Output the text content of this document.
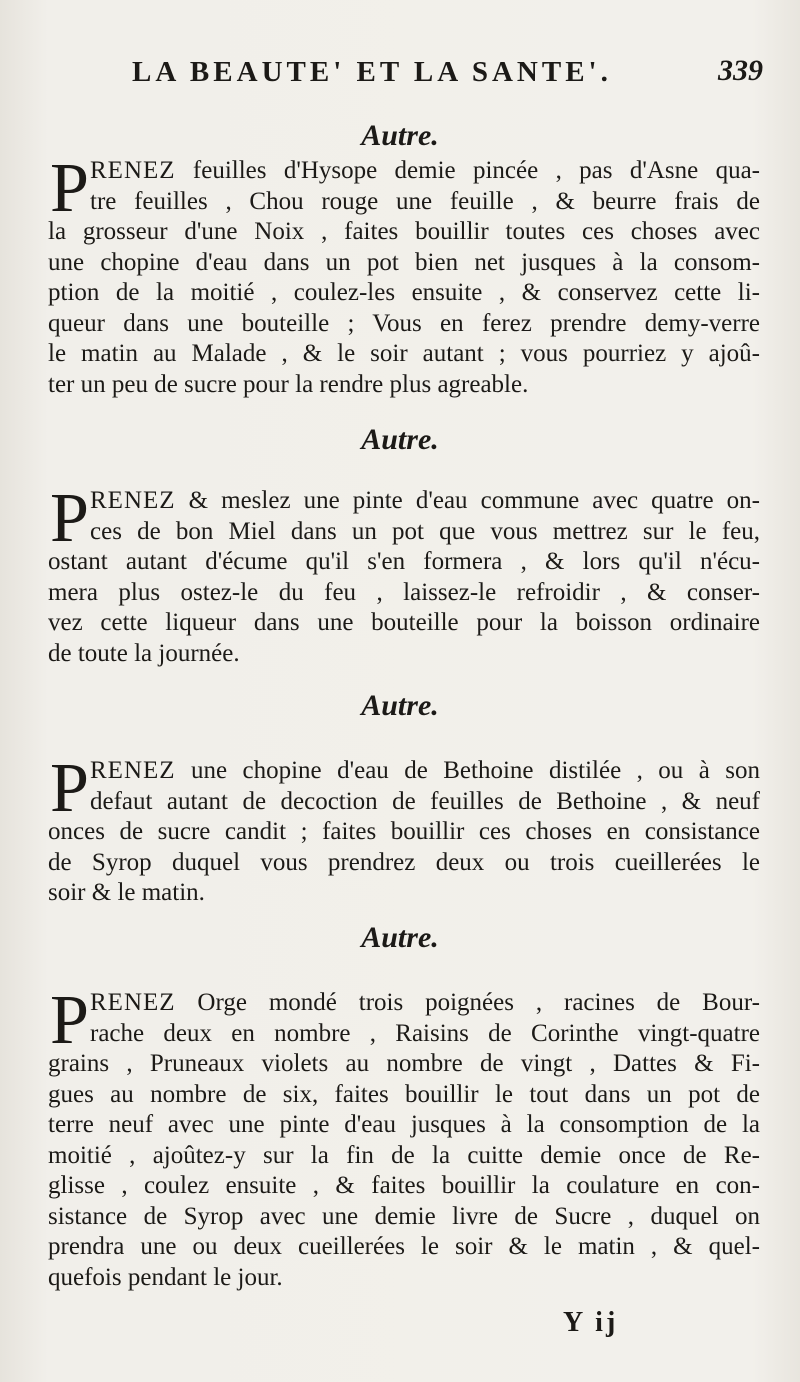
LA BEAUTE' ET LA SANTE'.	339
Autre.
P RENEZ feuilles d'Hysope demie pincée , pas d'Asne qua-
tre feuilles , Chou rouge une feuille , & beurre frais de
la grosseur d'une Noix , faites bouillir toutes ces choses avec
une chopine d'eau dans un pot bien net jusques à la consom-
ption de la moitié , coulez-les ensuite , & conservez cette li-
queur dans une bouteille ; Vous en ferez prendre demy-verre
le matin au Malade , & le soir autant ; vous pourriez y ajoû-
ter un peu de sucre pour la rendre plus agreable.
Autre.
P RENEZ & meslez une pinte d'eau commune avec quatre on-
ces de bon Miel dans un pot que vous mettrez sur le feu,
ostant autant d'écume qu'il s'en formera , & lors qu'il n'écu-
mera plus ostez-le du feu , laissez-le refroidir , & conser-
vez cette liqueur dans une bouteille pour la boisson ordinaire
de toute la journée.
Autre.
P RENEZ une chopine d'eau de Bethoine distilée , ou à son
defaut autant de decoction de feuilles de Bethoine , & neuf
onces de sucre candit ; faites bouillir ces choses en consistance
de Syrop duquel vous prendrez deux ou trois cueillerées le
soir & le matin.
Autre.
P RENEZ Orge mondé trois poignées , racines de Bour-
rache deux en nombre , Raisins de Corinthe vingt-quatre
grains , Pruneaux violets au nombre de vingt , Dattes & Fi-
gues au nombre de six, faites bouillir le tout dans un pot de
terre neuf avec une pinte d'eau jusques à la consomption de la
moitié , ajoûtez-y sur la fin de la cuitte demie once de Re-
glisse , coulez ensuite , & faites bouillir la coulature en con-
sistance de Syrop avec une demie livre de Sucre , duquel on
prendra une ou deux cueillerées le soir & le matin , & quel-
quefois pendant le jour.
Y ij
